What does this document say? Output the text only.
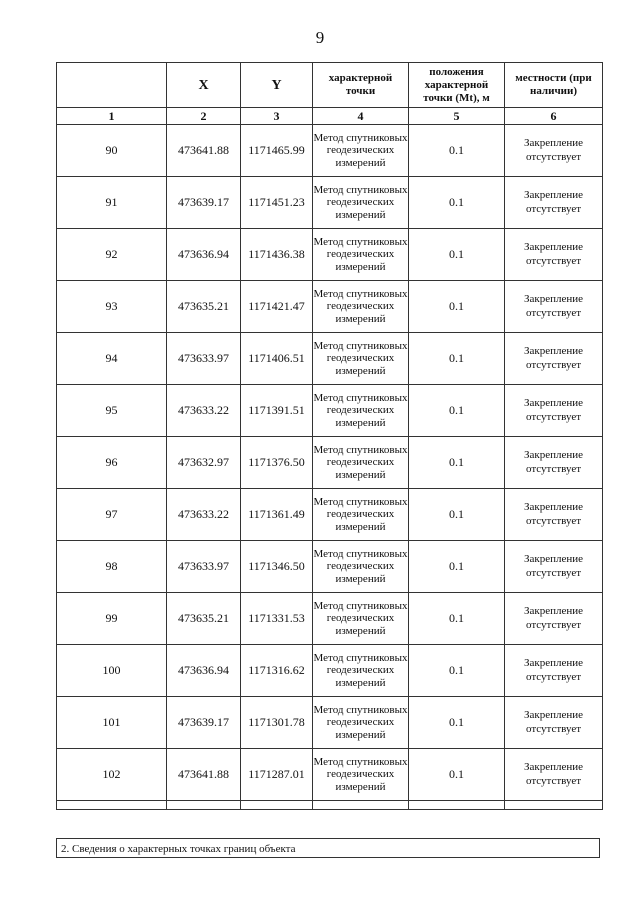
9
	X	Y	характерной точки	положения характерной точки (Mt), м	местности (при наличии)
1	2	3	4	5	6
90	473641.88	1171465.99	Метод спутниковых геодезических измерений	0.1	Закрепление отсутствует
91	473639.17	1171451.23	Метод спутниковых геодезических измерений	0.1	Закрепление отсутствует
92	473636.94	1171436.38	Метод спутниковых геодезических измерений	0.1	Закрепление отсутствует
93	473635.21	1171421.47	Метод спутниковых геодезических измерений	0.1	Закрепление отсутствует
94	473633.97	1171406.51	Метод спутниковых геодезических измерений	0.1	Закрепление отсутствует
95	473633.22	1171391.51	Метод спутниковых геодезических измерений	0.1	Закрепление отсутствует
96	473632.97	1171376.50	Метод спутниковых геодезических измерений	0.1	Закрепление отсутствует
97	473633.22	1171361.49	Метод спутниковых геодезических измерений	0.1	Закрепление отсутствует
98	473633.97	1171346.50	Метод спутниковых геодезических измерений	0.1	Закрепление отсутствует
99	473635.21	1171331.53	Метод спутниковых геодезических измерений	0.1	Закрепление отсутствует
100	473636.94	1171316.62	Метод спутниковых геодезических измерений	0.1	Закрепление отсутствует
101	473639.17	1171301.78	Метод спутниковых геодезических измерений	0.1	Закрепление отсутствует
102	473641.88	1171287.01	Метод спутниковых геодезических измерений	0.1	Закрепление отсутствует

2. Сведения о характерных точках границ объекта
